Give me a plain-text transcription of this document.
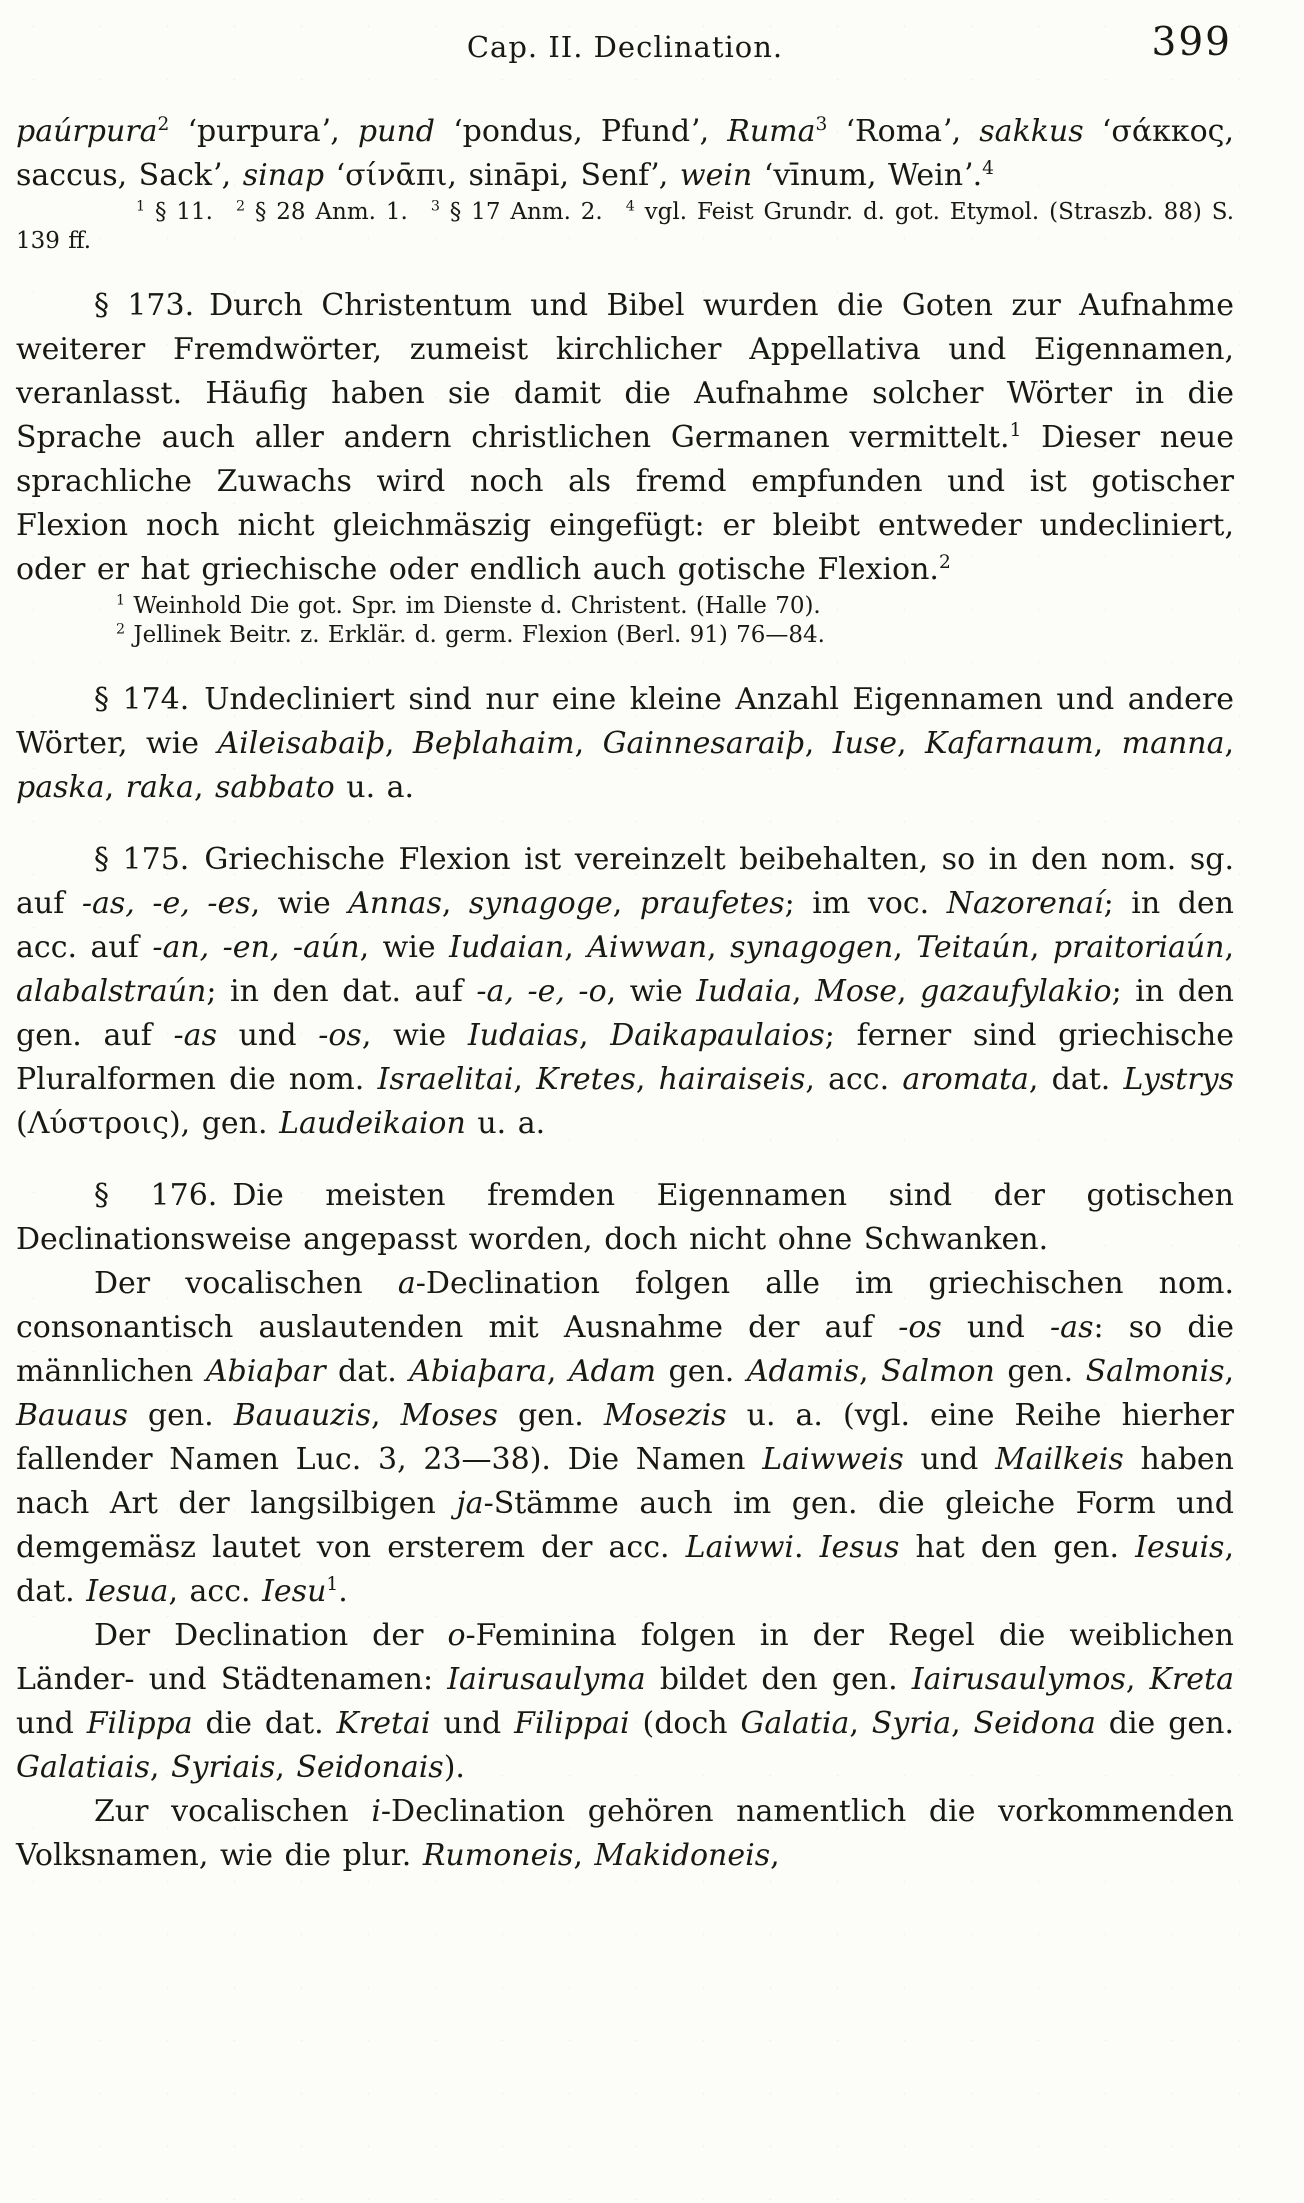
Cap. II. Declination.	399

paúrpura$^2$ ʻpurpuraʼ, pund ʻpondus, Pfundʼ, Ruma$^3$ ʻRomaʼ, sakkus ʻσάκκος, saccus, Sackʼ, sinap ʻσίνᾱπι, sināpi, Senfʼ, wein ʻvīnum, Weinʼ.$^4$

$^1$ § 11. $^2$ § 28 Anm. 1. $^3$ § 17 Anm. 2. $^4$ vgl. Feist Grundr. d. got. Etymol. (Straszb. 88) S. 139 ff.

§ 173. Durch Christentum und Bibel wurden die Goten zur Aufnahme weiterer Fremdwörter, zumeist kirchlicher Appellativa und Eigennamen, veranlasst. Häufig haben sie damit die Aufnahme solcher Wörter in die Sprache auch aller andern christlichen Germanen vermittelt.$^1$ Dieser neue sprachliche Zuwachs wird noch als fremd empfunden und ist gotischer Flexion noch nicht gleichmäszig eingefügt: er bleibt entweder undecliniert, oder er hat griechische oder endlich auch gotische Flexion.$^2$

$^1$ Weinhold Die got. Spr. im Dienste d. Christent. (Halle 70).

$^2$ Jellinek Beitr. z. Erklär. d. germ. Flexion (Berl. 91) 76—84.

§ 174. Undecliniert sind nur eine kleine Anzahl Eigennamen und andere Wörter, wie Aileisabaiþ, Beþlahaim, Gainnesaraiþ, Iuse, Kafarnaum, manna, paska, raka, sabbato u. a.

§ 175. Griechische Flexion ist vereinzelt beibehalten, so in den nom. sg. auf -as, -e, -es, wie Annas, synagoge, praufetes; im voc. Nazorenaí; in den acc. auf -an, -en, -aún, wie Iudaian, Aiwwan, synagogen, Teitaún, praitoriaún, alabalstraún; in den dat. auf -a, -e, -o, wie Iudaia, Mose, gazaufylakio; in den gen. auf -as und -os, wie Iudaias, Daikapaulaios; ferner sind griechische Pluralformen die nom. Israelitai, Kretes, hairaiseis, acc. aromata, dat. Lystrys (Λύστροις), gen. Laudeikaion u. a.

§ 176. Die meisten fremden Eigennamen sind der gotischen Declinationsweise angepasst worden, doch nicht ohne Schwanken.

Der vocalischen a-Declination folgen alle im griechischen nom. consonantisch auslautenden mit Ausnahme der auf -os und -as: so die männlichen Abiaþar dat. Abiaþara, Adam gen. Adamis, Salmon gen. Salmonis, Bauaus gen. Bauauzis, Moses gen. Mosezis u. a. (vgl. eine Reihe hierher fallender Namen Luc. 3, 23—38). Die Namen Laiwweis und Mailkeis haben nach Art der langsilbigen ja-Stämme auch im gen. die gleiche Form und demgemäsz lautet von ersterem der acc. Laiwwi. Iesus hat den gen. Iesuis, dat. Iesua, acc. Iesu$^1$.

Der Declination der o-Feminina folgen in der Regel die weiblichen Länder- und Städtenamen: Iairusaulyma bildet den gen. Iairusaulymos, Kreta und Filippa die dat. Kretai und Filippai (doch Galatia, Syria, Seidona die gen. Galatiais, Syriais, Seidonais).

Zur vocalischen i-Declination gehören namentlich die vorkommenden Volksnamen, wie die plur. Rumoneis, Makidoneis,
